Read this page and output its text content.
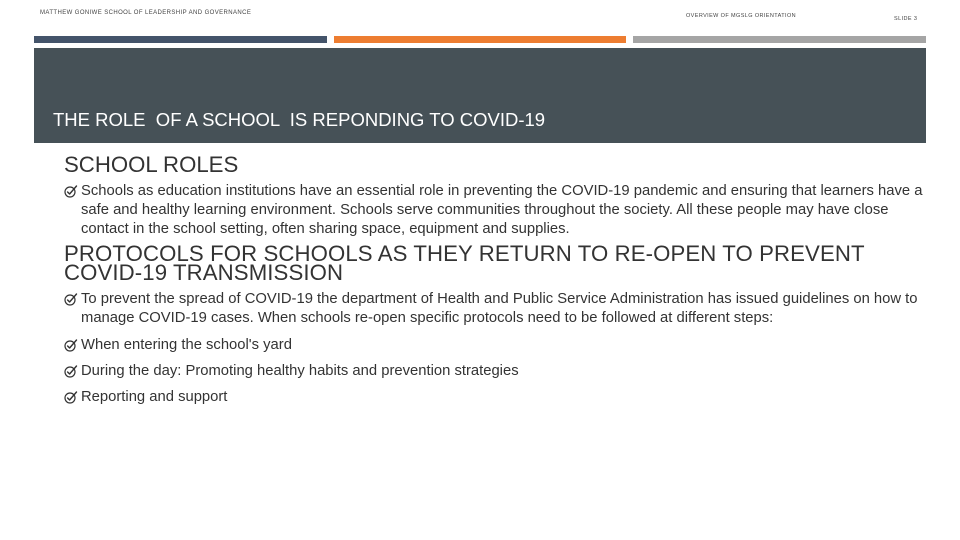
MATTHEW GONIWE SCHOOL OF LEADERSHIP AND GOVERNANCE	OVERVIEW OF MGSLG ORIENTATION	SLIDE 3
THE ROLE  OF A SCHOOL  IS REPONDING TO COVID-19
SCHOOL ROLES
Schools as education institutions have an essential role in preventing the COVID-19 pandemic and ensuring that learners have a safe and healthy learning environment. Schools serve communities throughout the society. All these people may have close contact in the school setting, often sharing space, equipment and supplies.
PROTOCOLS FOR SCHOOLS AS THEY RETURN TO RE-OPEN TO PREVENT COVID-19 TRANSMISSION
To prevent the spread of COVID-19 the department of Health and Public Service Administration has issued guidelines on how to manage COVID-19 cases. When schools re-open specific protocols need to be followed at different steps:
When entering the school's yard
During the day: Promoting healthy habits and prevention strategies
Reporting and support
